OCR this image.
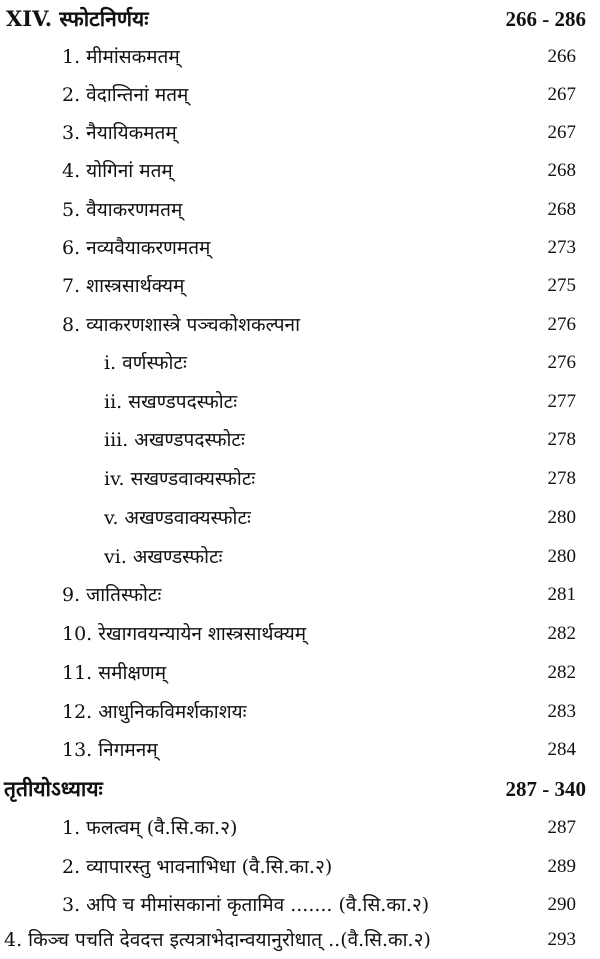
XIV. स्फोटनिर्णयः	266 - 286
1. मीमांसकमतम्	266
2. वेदान्तिनां मतम्	267
3. नैयायिकमतम्	267
4. योगिनां मतम्	268
5. वैयाकरणमतम्	268
6. नव्यवैयाकरणमतम्	273
7. शास्त्रसार्थक्यम्	275
8. व्याकरणशास्त्रे पञ्चकोशकल्पना	276
i. वर्णस्फोटः	276
ii. सखण्डपदस्फोटः	277
iii. अखण्डपदस्फोटः	278
iv. सखण्डवाक्यस्फोटः	278
v. अखण्डवाक्यस्फोटः	280
vi. अखण्डस्फोटः	280
9. जातिस्फोटः	281
10. रेखागवयन्यायेन शास्त्रसार्थक्यम्	282
11. समीक्षणम्	282
12. आधुनिकविमर्शकाशयः	283
13. निगमनम्	284
तृतीयोऽध्यायः	287 - 340
1. फलत्वम् (वै.सि.का.२)	287
2. व्यापारस्तु भावनाभिधा (वै.सि.का.२)	289
3. अपि च मीमांसकानां कृतामिव ....... (वै.सि.का.२)	290
4. किञ्च पचति देवदत्त इत्यत्राभेदान्वयानुरोधात् ..(वै.सि.का.२)	293
